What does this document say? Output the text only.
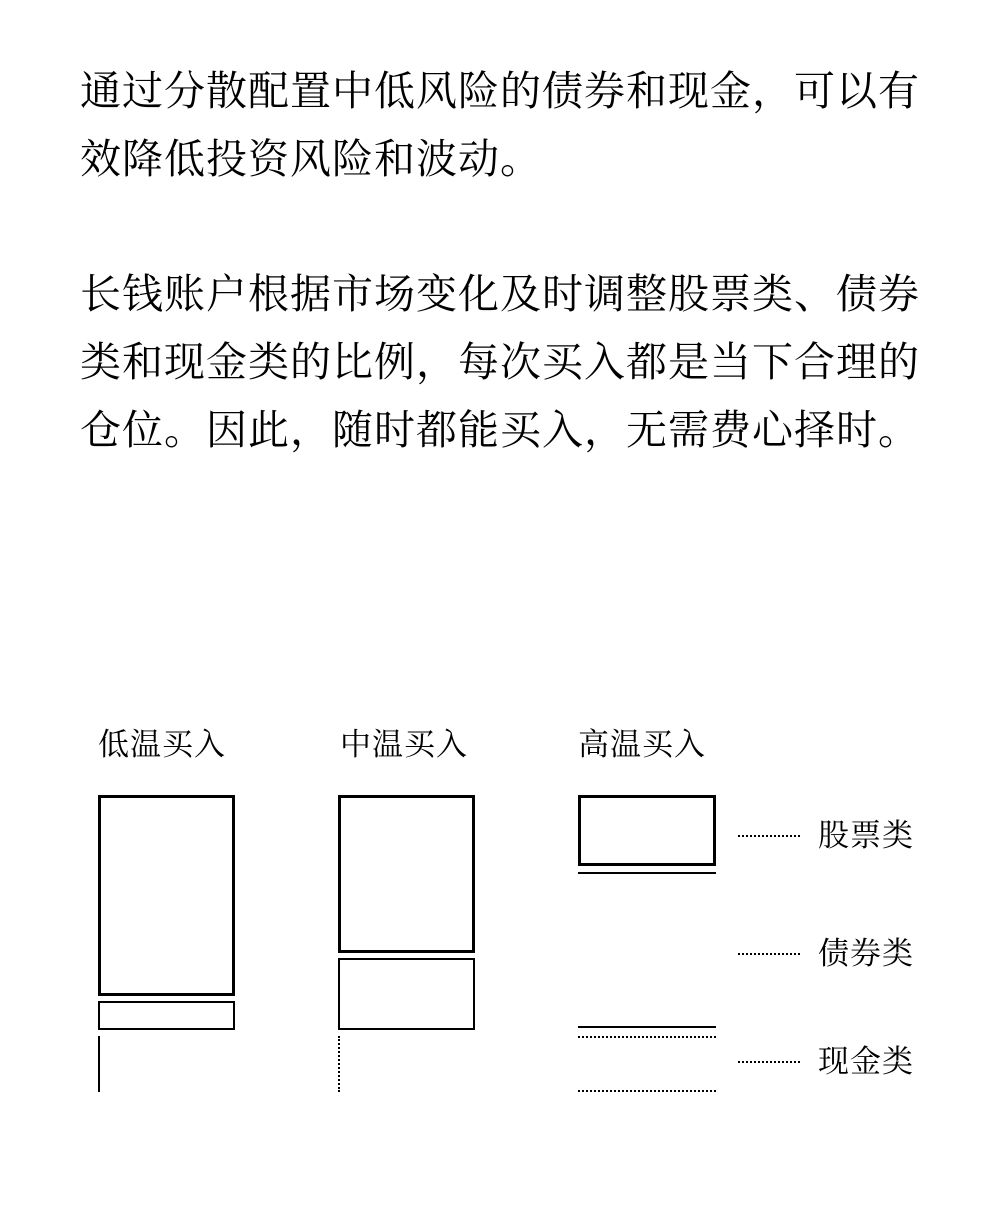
通过分散配置中低风险的债券和现金，可以有效降低投资风险和波动。

长钱账户根据市场变化及时调整股票类、债券类和现金类的比例，每次买入都是当下合理的仓位。因此，随时都能买入，无需费心择时。

低温买入	中温买入	高温买入
股票类
债券类
现金类
